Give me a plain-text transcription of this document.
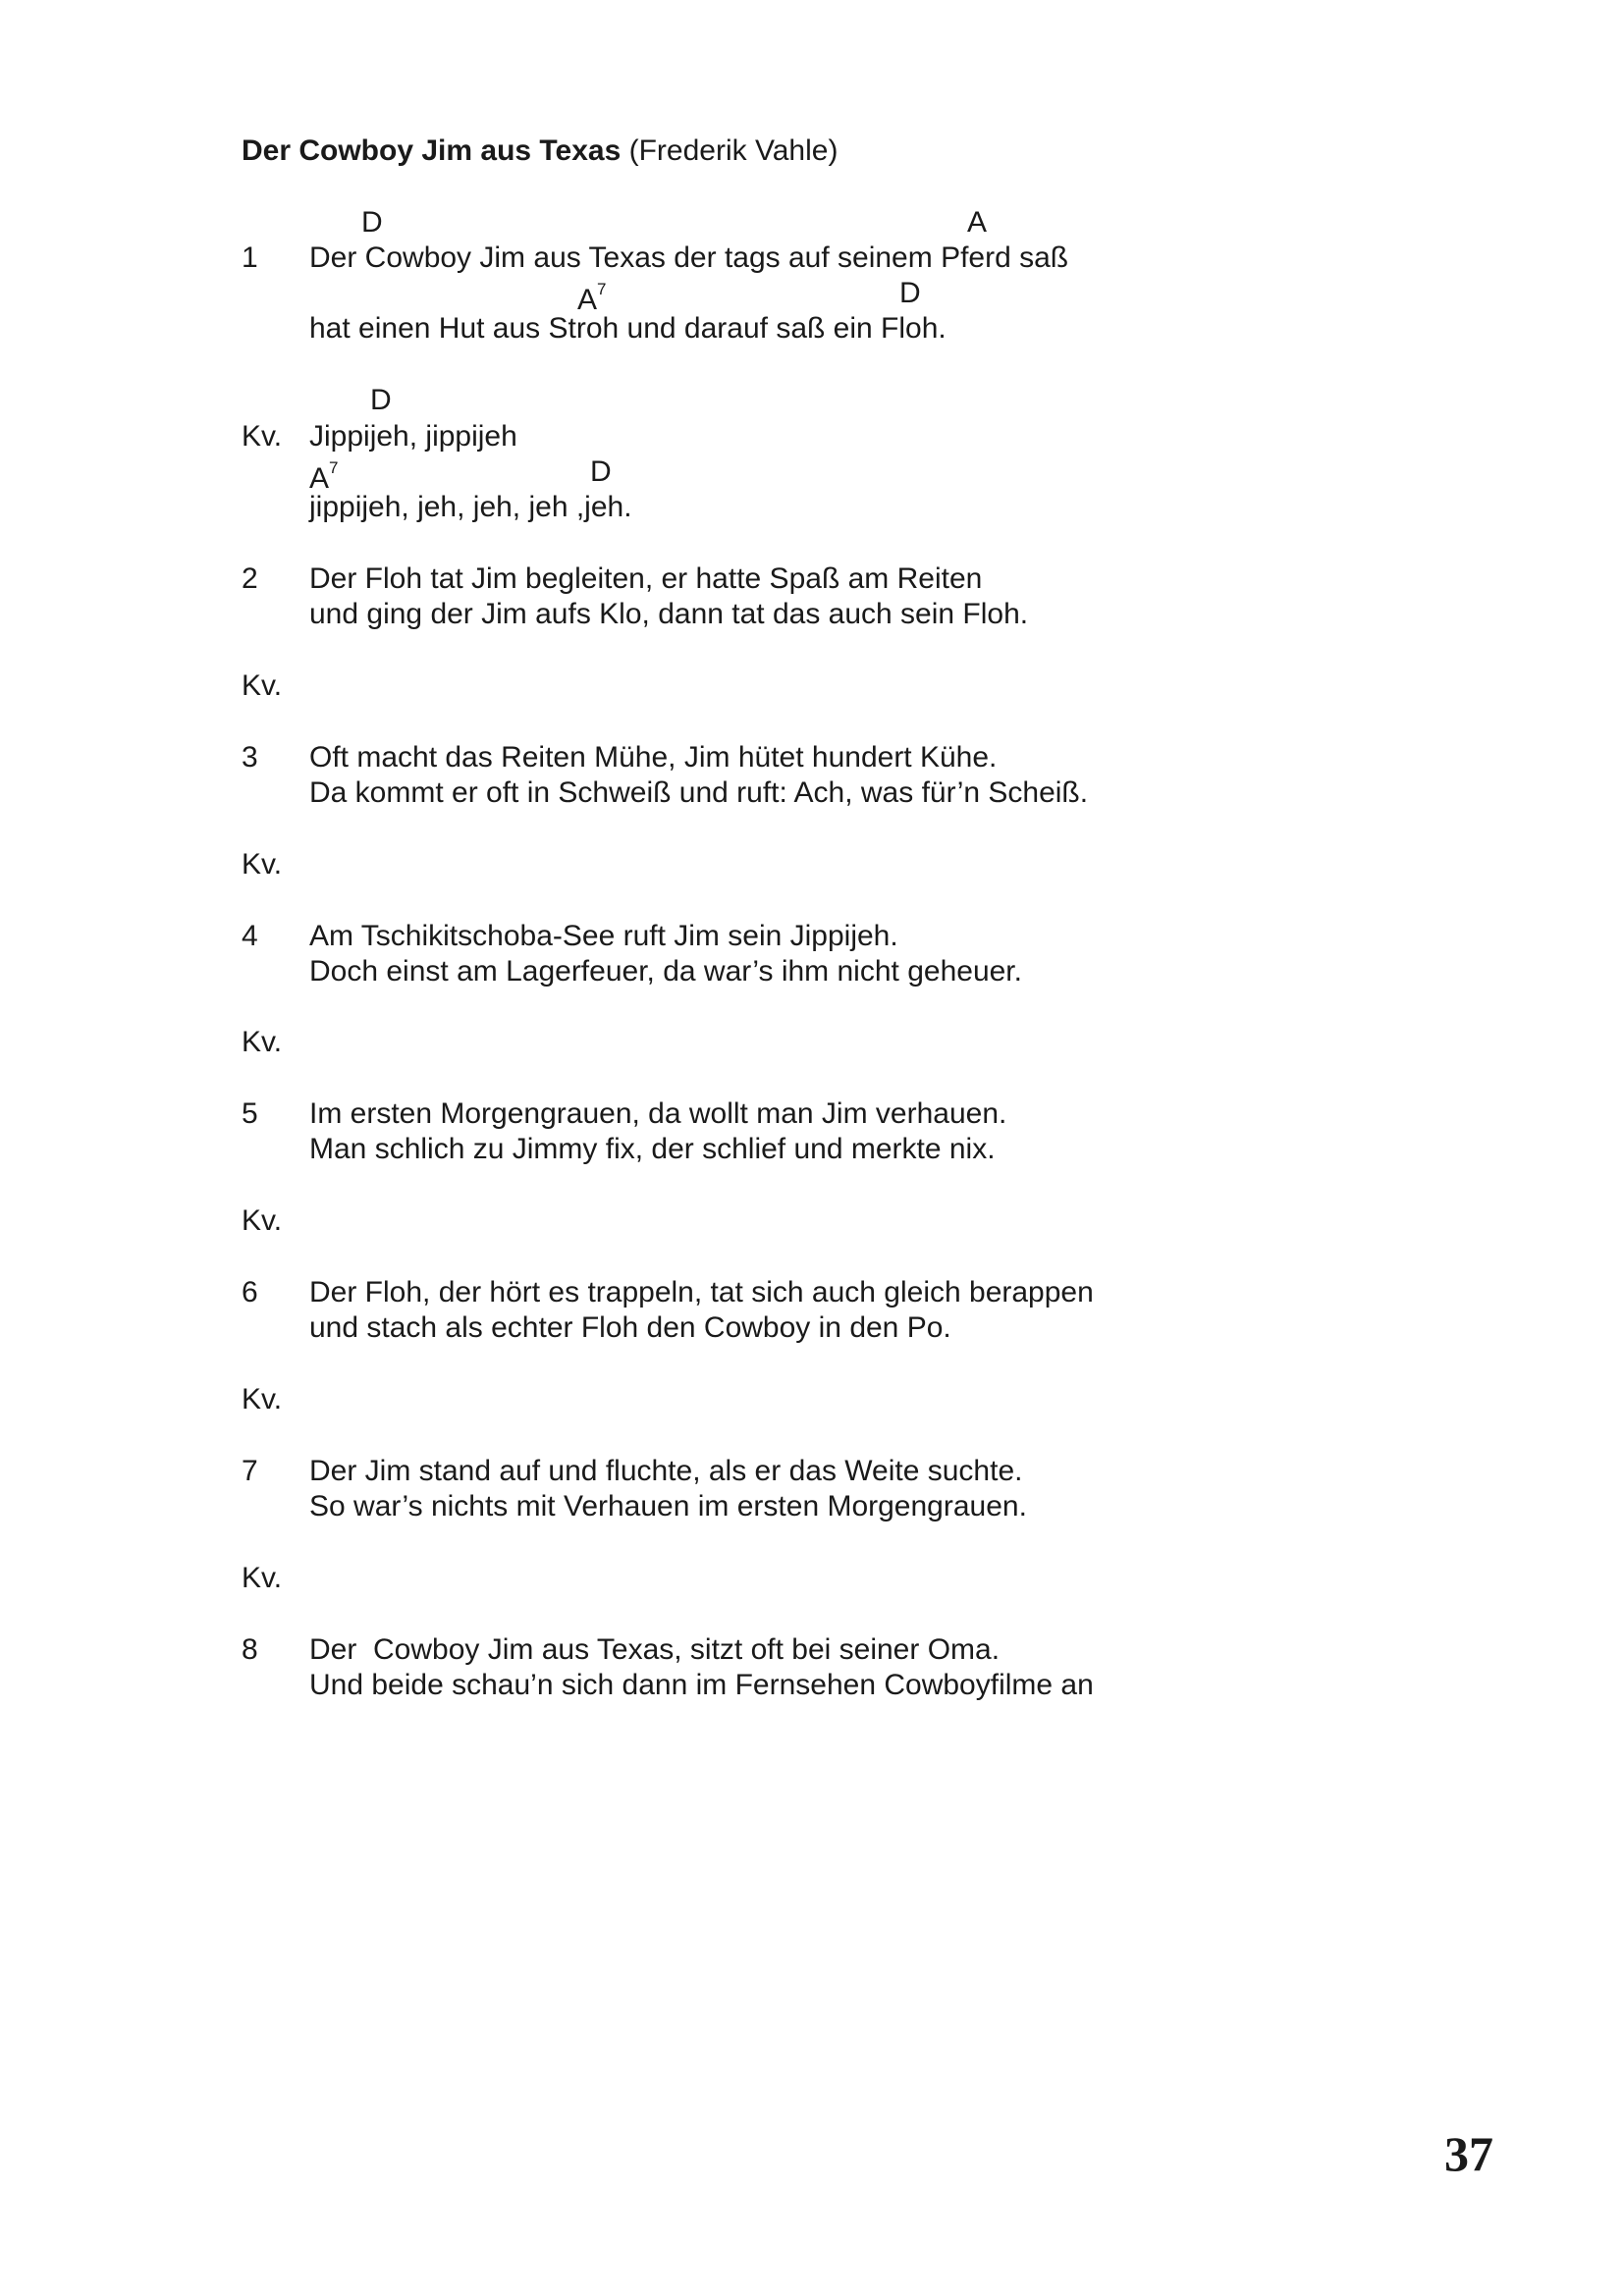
Der Cowboy Jim aus Texas (Frederik Vahle)
D	A
1 Der Cowboy Jim aus Texas der tags auf seinem Pferd saß
$A^7$	D
hat einen Hut aus Stroh und darauf saß ein Floh.
D
Kv. Jippijeh, jippijeh
$A^7$	D
jippijeh, jeh, jeh, jeh ,jeh.
2 Der Floh tat Jim begleiten, er hatte Spaß am Reiten
und ging der Jim aufs Klo, dann tat das auch sein Floh.
Kv.
3 Oft macht das Reiten Mühe, Jim hütet hundert Kühe.
Da kommt er oft in Schweiß und ruft: Ach, was für’n Scheiß.
Kv.
4 Am Tschikitschoba-See ruft Jim sein Jippijeh.
Doch einst am Lagerfeuer, da war’s ihm nicht geheuer.
Kv.
5 Im ersten Morgengrauen, da wollt man Jim verhauen.
Man schlich zu Jimmy fix, der schlief und merkte nix.
Kv.
6 Der Floh, der hört es trappeln, tat sich auch gleich berappen
und stach als echter Floh den Cowboy in den Po.
Kv.
7 Der Jim stand auf und fluchte, als er das Weite suchte.
So war’s nichts mit Verhauen im ersten Morgengrauen.
Kv.
8 Der  Cowboy Jim aus Texas, sitzt oft bei seiner Oma.
Und beide schau’n sich dann im Fernsehen Cowboyfilme an
37
